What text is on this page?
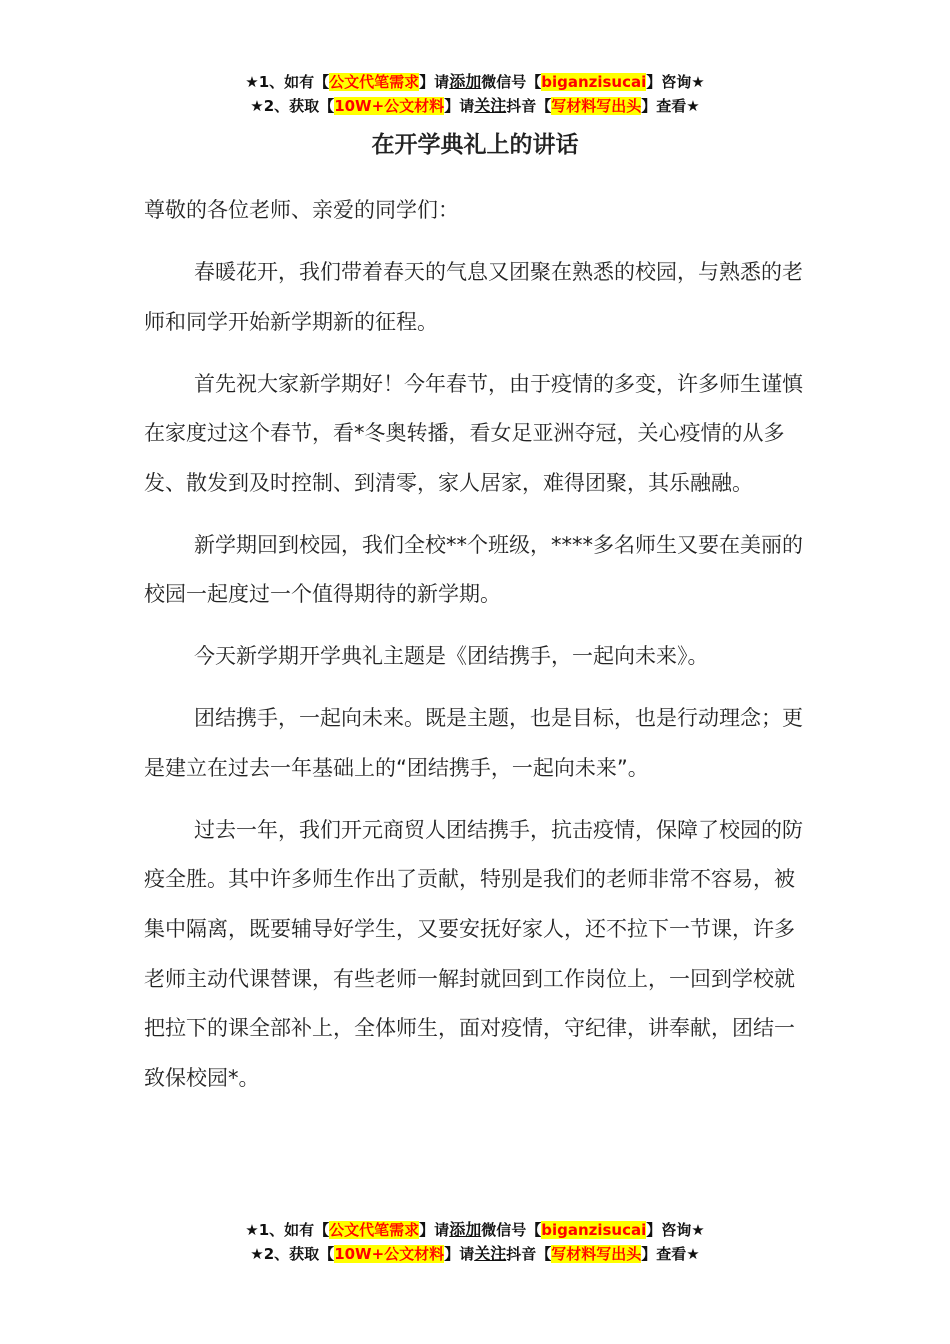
★1、如有【公文代笔需求】请添加微信号【biganzisucai】咨询★
★2、获取【10W+公文材料】请关注抖音【写材料写出头】查看★
在开学典礼上的讲话

尊敬的各位老师、亲爱的同学们：

春暖花开，我们带着春天的气息又团聚在熟悉的校园，与熟悉的老师和同学开始新学期新的征程。

首先祝大家新学期好！今年春节，由于疫情的多变，许多师生谨慎在家度过这个春节，看*冬奥转播，看女足亚洲夺冠，关心疫情的从多发、散发到及时控制、到清零，家人居家，难得团聚，其乐融融。

新学期回到校园，我们全校**个班级，****多名师生又要在美丽的校园一起度过一个值得期待的新学期。

今天新学期开学典礼主题是《团结携手，一起向未来》。

团结携手，一起向未来。既是主题，也是目标，也是行动理念；更是建立在过去一年基础上的“团结携手，一起向未来”。

过去一年，我们开元商贸人团结携手，抗击疫情，保障了校园的防疫全胜。其中许多师生作出了贡献，特别是我们的老师非常不容易，被集中隔离，既要辅导好学生，又要安抚好家人，还不拉下一节课，许多老师主动代课替课，有些老师一解封就回到工作岗位上，一回到学校就把拉下的课全部补上，全体师生，面对疫情，守纪律，讲奉献，团结一致保校园*。

★1、如有【公文代笔需求】请添加微信号【biganzisucai】咨询★
★2、获取【10W+公文材料】请关注抖音【写材料写出头】查看★
